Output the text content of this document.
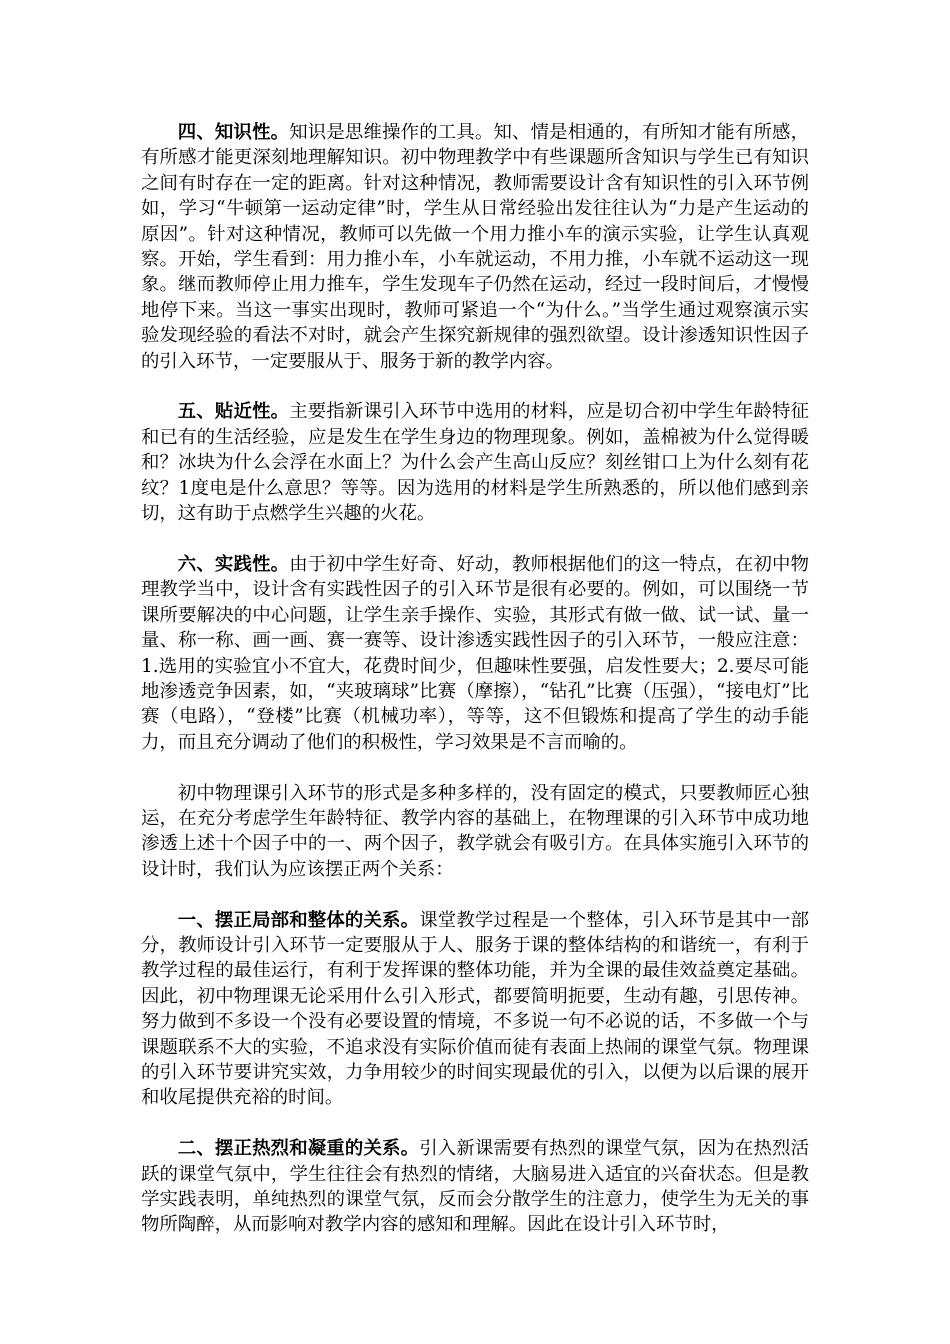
四、知识性。知识是思维操作的工具。知、情是相通的，有所知才能有所感，有所感才能更深刻地理解知识。初中物理教学中有些课题所含知识与学生已有知识之间有时存在一定的距离。针对这种情况，教师需要设计含有知识性的引入环节例如，学习“牛顿第一运动定律”时，学生从日常经验出发往往认为“力是产生运动的原因”。针对这种情况，教师可以先做一个用力推小车的演示实验，让学生认真观察。开始，学生看到：用力推小车，小车就运动，不用力推，小车就不运动这一现象。继而教师停止用力推车，学生发现车子仍然在运动，经过一段时间后，才慢慢地停下来。当这一事实出现时，教师可紧追一个“为什么。”当学生通过观察演示实验发现经验的看法不对时，就会产生探究新规律的强烈欲望。设计渗透知识性因子的引入环节，一定要服从于、服务于新的教学内容。

五、贴近性。主要指新课引入环节中选用的材料，应是切合初中学生年龄特征和已有的生活经验，应是发生在学生身边的物理现象。例如，盖棉被为什么觉得暖和？冰块为什么会浮在水面上？为什么会产生高山反应？刻丝钳口上为什么刻有花纹？1度电是什么意思？等等。因为选用的材料是学生所熟悉的，所以他们感到亲切，这有助于点燃学生兴趣的火花。

六、实践性。由于初中学生好奇、好动，教师根据他们的这一特点，在初中物理教学当中，设计含有实践性因子的引入环节是很有必要的。例如，可以围绕一节课所要解决的中心问题，让学生亲手操作、实验，其形式有做一做、试一试、量一量、称一称、画一画、赛一赛等、设计渗透实践性因子的引入环节，一般应注意：1.选用的实验宜小不宜大，花费时间少，但趣味性要强，启发性要大；2.要尽可能地渗透竞争因素，如，“夹玻璃球”比赛（摩擦），“钻孔”比赛（压强），“接电灯”比赛（电路），“登楼”比赛（机械功率），等等，这不但锻炼和提高了学生的动手能力，而且充分调动了他们的积极性，学习效果是不言而喻的。

初中物理课引入环节的形式是多种多样的，没有固定的模式，只要教师匠心独运，在充分考虑学生年龄特征、教学内容的基础上，在物理课的引入环节中成功地渗透上述十个因子中的一、两个因子，教学就会有吸引方。在具体实施引入环节的设计时，我们认为应该摆正两个关系：

一、摆正局部和整体的关系。课堂教学过程是一个整体，引入环节是其中一部分，教师设计引入环节一定要服从于人、服务于课的整体结构的和谐统一，有利于教学过程的最佳运行，有利于发挥课的整体功能，并为全课的最佳效益奠定基础。因此，初中物理课无论采用什么引入形式，都要简明扼要，生动有趣，引思传神。努力做到不多设一个没有必要设置的情境，不多说一句不必说的话，不多做一个与课题联系不大的实验，不追求没有实际价值而徒有表面上热闹的课堂气氛。物理课的引入环节要讲究实效，力争用较少的时间实现最优的引入，以便为以后课的展开和收尾提供充裕的时间。

二、摆正热烈和凝重的关系。引入新课需要有热烈的课堂气氛，因为在热烈活跃的课堂气氛中，学生往往会有热烈的情绪，大脑易进入适宜的兴奋状态。但是教学实践表明，单纯热烈的课堂气氛，反而会分散学生的注意力，使学生为无关的事物所陶醉，从而影响对教学内容的感知和理解。因此在设计引入环节时，
